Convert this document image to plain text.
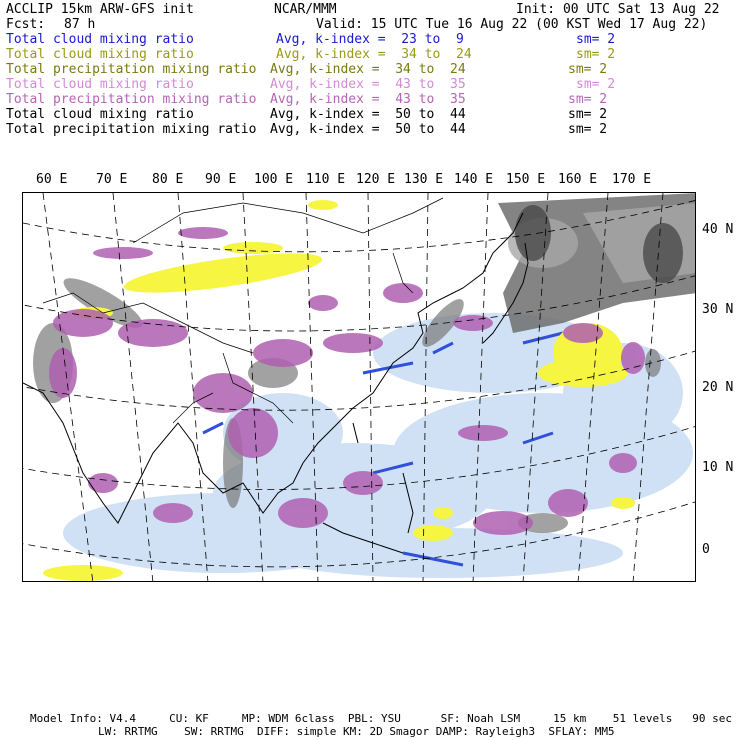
ACCLIP 15km ARW-GFS init	NCAR/MMM	Init: 00 UTC Sat 13 Aug 22
Fcst: 87 h	Valid: 15 UTC Tue 16 Aug 22 (00 KST Wed 17 Aug 22)
Total cloud mixing ratio	Avg, k-index =  23 to  9	sm= 2
Total cloud mixing ratio	Avg, k-index =  34 to  24	sm= 2
Total precipitation mixing ratio Avg, k-index =  34 to  24	sm= 2
Total cloud mixing ratio	Avg, k-index =  43 to  35	sm= 2
Total precipitation mixing ratio Avg, k-index =  43 to  35	sm= 2
Total cloud mixing ratio	Avg, k-index =  50 to  44	sm= 2
Total precipitation mixing ratio Avg, k-index =  50 to  44	sm= 2
60 E 70 E 80 E 90 E 100 E 110 E 120 E 130 E 140 E 150 E 160 E 170 E
40 N
30 N
20 N
10 N
0
Model Info: V4.4     CU: KF     MP: WDM 6class  PBL: YSU      SF: Noah LSM     15 km    51 levels   90 sec
LW: RRTMG    SW: RRTMG  DIFF: simple KM: 2D Smagor DAMP: Rayleigh3  SFLAY: MM5
